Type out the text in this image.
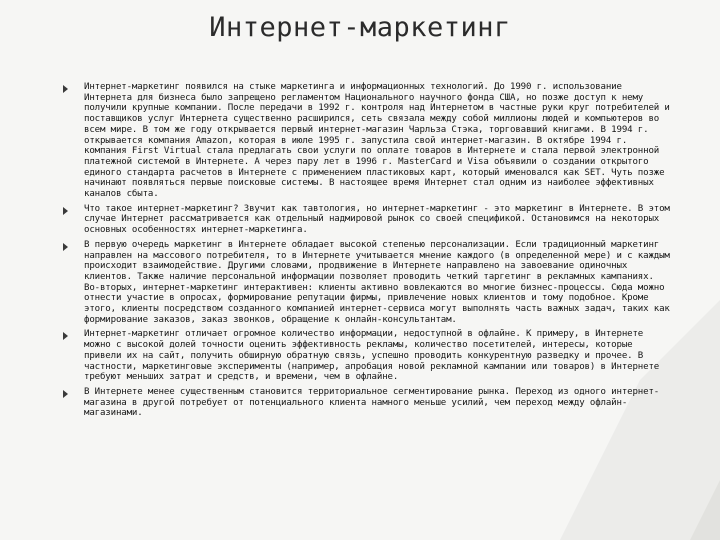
Интернет-маркетинг
Интернет-маркетинг появился на стыке маркетинга и информационных технологий. До 1990 г. использование Интернета для бизнеса было запрещено регламентом Национального научного фонда США, но позже доступ к нему получили крупные компании. После передачи в 1992 г. контроля над Интернетом в частные руки круг потребителей и поставщиков услуг Интернета существенно расширился, сеть связала между собой миллионы людей и компьютеров во всем мире. В том же году открывается первый интернет-магазин Чарльза Стэка, торговавший книгами. В 1994 г. открывается компания Amazon, которая в июле 1995 г. запустила свой интернет-магазин. В октябре 1994 г. компания First Virtual стала предлагать свои услуги по оплате товаров в Интернете и стала первой электронной платежной системой в Интернете. А через пару лет в 1996 г. MasterCard и Visa объявили о создании открытого единого стандарта расчетов в Интернете с применением пластиковых карт, который именовался как SET. Чуть позже начинают появляться первые поисковые системы. В настоящее время Интернет стал одним из наиболее эффективных каналов сбыта.
Что такое интернет-маркетинг? Звучит как тавтология, но интернет-маркетинг - это маркетинг в Интернете. В этом случае Интернет рассматривается как отдельный надмировой рынок со своей спецификой. Остановимся на некоторых основных особенностях интернет-маркетинга.
В первую очередь маркетинг в Интернете обладает высокой степенью персонализации. Если традиционный маркетинг направлен на массового потребителя, то в Интернете учитывается мнение каждого (в определенной мере) и с каждым происходит взаимодействие. Другими словами, продвижение в Интернете направлено на завоевание одиночных клиентов. Также наличие персональной информации позволяет проводить четкий таргетинг в рекламных кампаниях. Во-вторых, интернет-маркетинг интерактивен: клиенты активно вовлекаются во многие бизнес-процессы. Сюда можно отнести участие в опросах, формирование репутации фирмы, привлечение новых клиентов и тому подобное. Кроме этого, клиенты посредством созданного компанией интернет-сервиса могут выполнять часть важных задач, таких как формирование заказов, заказ звонков, обращение к онлайн-консультантам.
Интернет-маркетинг отличает огромное количество информации, недоступной в офлайне. К примеру, в Интернете можно с высокой долей точности оценить эффективность рекламы, количество посетителей, интересы, которые привели их на сайт, получить обширную обратную связь, успешно проводить конкурентную разведку и прочее. В частности, маркетинговые эксперименты (например, апробация новой рекламной кампании или товаров) в Интернете требуют меньших затрат и средств, и времени, чем в офлайне.
В Интернете менее существенным становится территориальное сегментирование рынка. Переход из одного интернет-магазина в другой потребует от потенциального клиента намного меньше усилий, чем переход между офлайн-магазинами.
